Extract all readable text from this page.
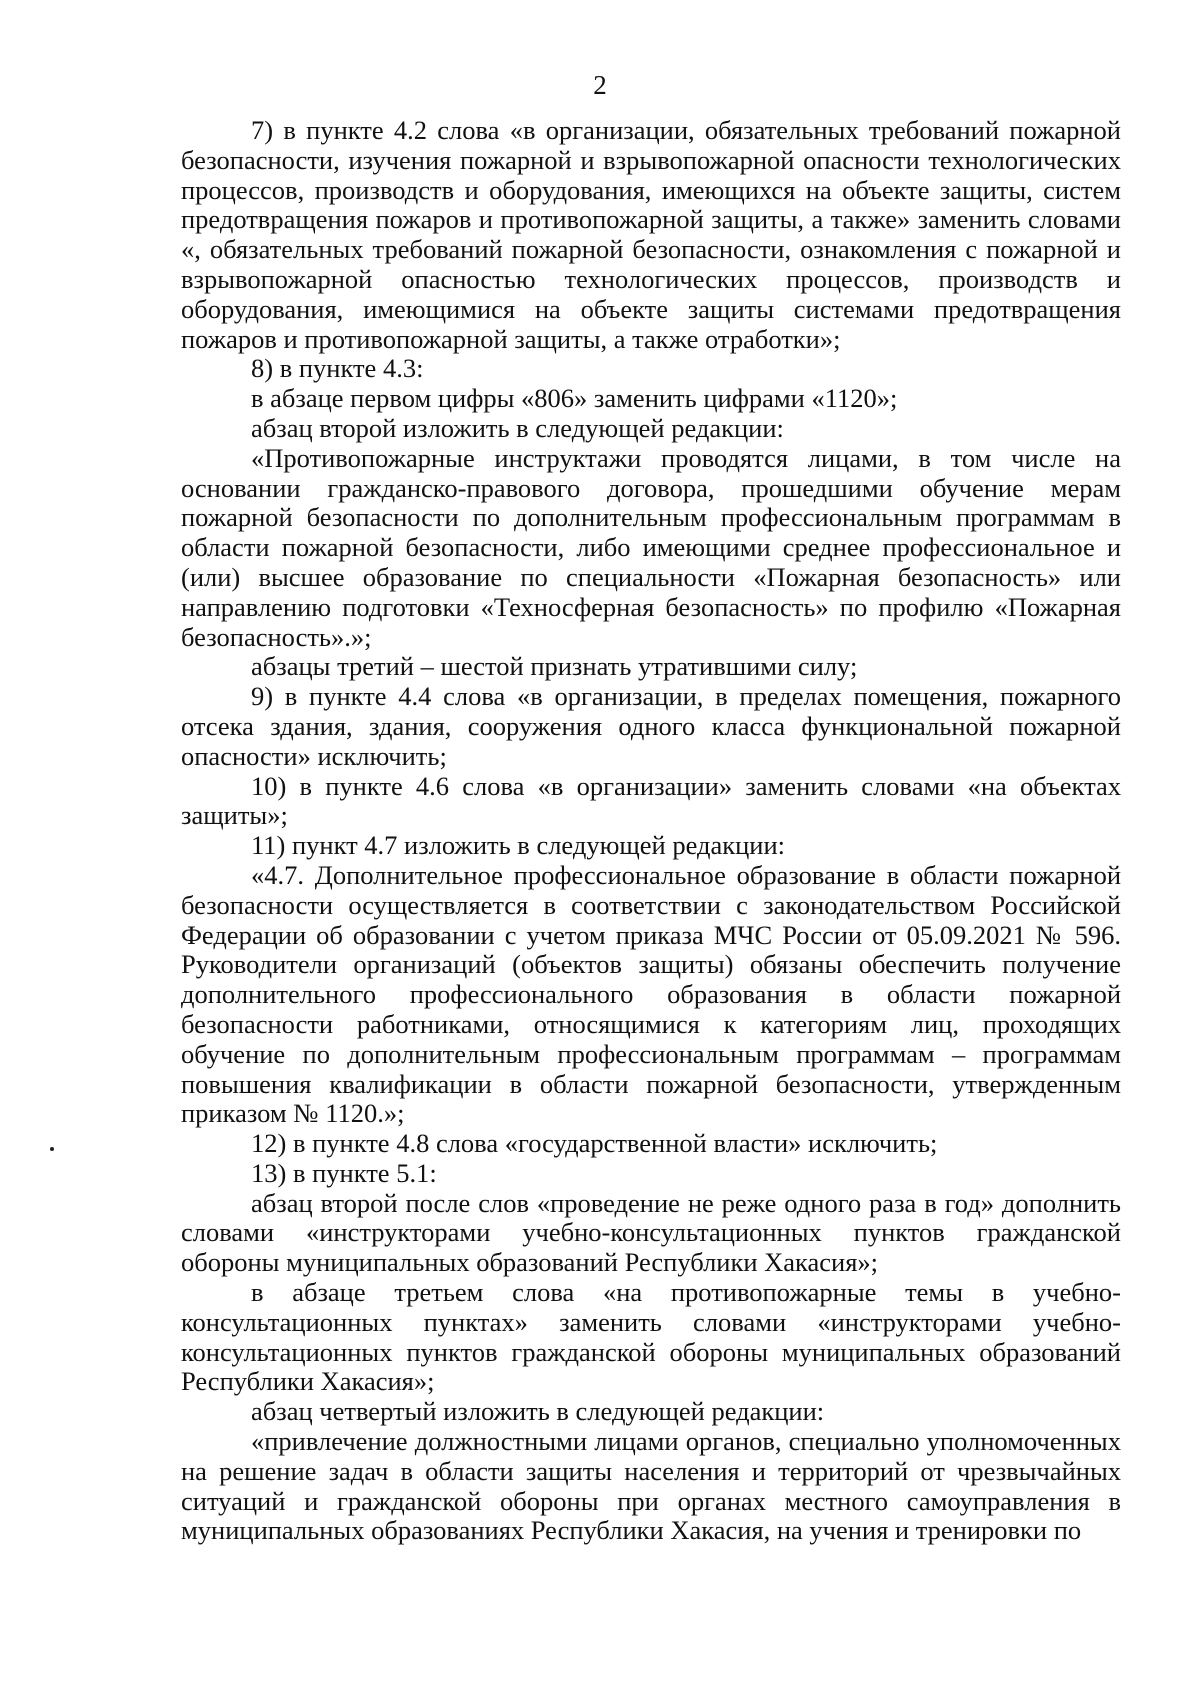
2

7) в пункте 4.2 слова «в организации, обязательных требований пожарной безопасности, изучения пожарной и взрывопожарной опасности технологических процессов, производств и оборудования, имеющихся на объекте защиты, систем предотвращения пожаров и противопожарной защиты, а также» заменить словами «, обязательных требований пожарной безопасности, ознакомления с пожарной и взрывопожарной опасностью технологических процессов, производств и оборудования, имеющимися на объекте защиты системами предотвращения пожаров и противопожарной защиты, а также отработки»;

8) в пункте 4.3:

в абзаце первом цифры «806» заменить цифрами «1120»;

абзац второй изложить в следующей редакции:

«Противопожарные инструктажи проводятся лицами, в том числе на основании гражданско-правового договора, прошедшими обучение мерам пожарной безопасности по дополнительным профессиональным программам в области пожарной безопасности, либо имеющими среднее профессиональное и (или) высшее образование по специальности «Пожарная безопасность» или направлению подготовки «Техносферная безопасность» по профилю «Пожарная безопасность».»;

абзацы третий – шестой признать утратившими силу;

9) в пункте 4.4 слова «в организации, в пределах помещения, пожарного отсека здания, здания, сооружения одного класса функциональной пожарной опасности» исключить;

10) в пункте 4.6 слова «в организации» заменить словами «на объектах защиты»;

11) пункт 4.7 изложить в следующей редакции:

«4.7. Дополнительное профессиональное образование в области пожарной безопасности осуществляется в соответствии с законодательством Российской Федерации об образовании с учетом приказа МЧС России от 05.09.2021 № 596. Руководители организаций (объектов защиты) обязаны обеспечить получение дополнительного профессионального образования в области пожарной безопасности работниками, относящимися к категориям лиц, проходящих обучение по дополнительным профессиональным программам – программам повышения квалификации в области пожарной безопасности, утвержденным приказом № 1120.»;

12) в пункте 4.8 слова «государственной власти» исключить;

13) в пункте 5.1:

абзац второй после слов «проведение не реже одного раза в год» дополнить словами «инструкторами учебно-консультационных пунктов гражданской обороны муниципальных образований Республики Хакасия»;

в абзаце третьем слова «на противопожарные темы в учебно-консультационных пунктах» заменить словами «инструкторами учебно-консультационных пунктов гражданской обороны муниципальных образований Республики Хакасия»;

абзац четвертый изложить в следующей редакции:

«привлечение должностными лицами органов, специально уполномоченных на решение задач в области защиты населения и территорий от чрезвычайных ситуаций и гражданской обороны при органах местного самоуправления в муниципальных образованиях Республики Хакасия, на учения и тренировки по
